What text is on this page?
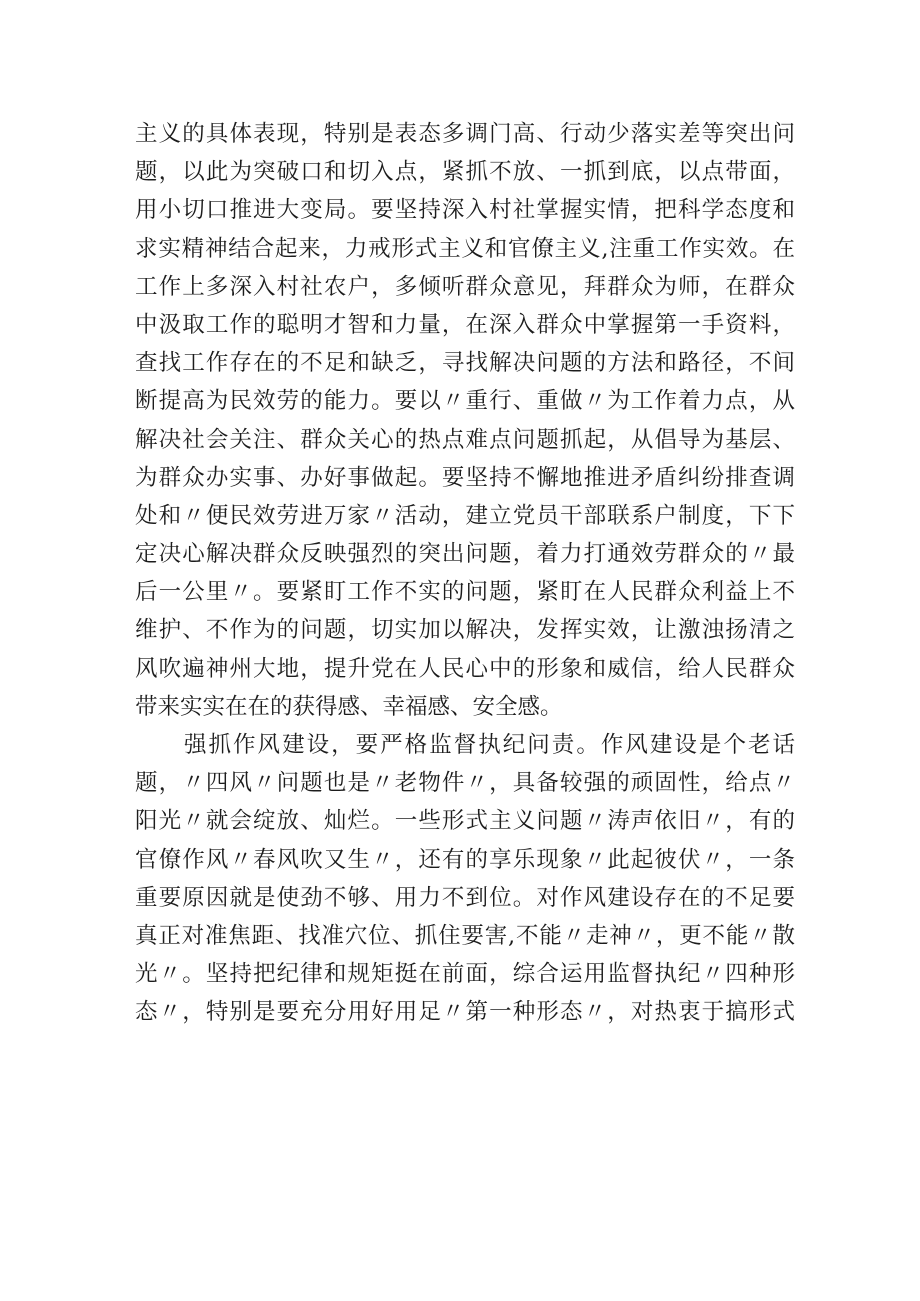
主义的具体表现，特别是表态多调门高、行动少落实差等突出问
题，以此为突破口和切入点，紧抓不放、一抓到底，以点带面，
用小切口推进大变局。要坚持深入村社掌握实情，把科学态度和
求实精神结合起来，力戒形式主义和官僚主义,注重工作实效。在
工作上多深入村社农户，多倾听群众意见，拜群众为师，在群众
中汲取工作的聪明才智和力量，在深入群众中掌握第一手资料，
查找工作存在的不足和缺乏，寻找解决问题的方法和路径，不间
断提高为民效劳的能力。要以〃重行、重做〃为工作着力点，从
解决社会关注、群众关心的热点难点问题抓起，从倡导为基层、
为群众办实事、办好事做起。要坚持不懈地推进矛盾纠纷排查调
处和〃便民效劳进万家〃活动，建立党员干部联系户制度，下下
定决心解决群众反映强烈的突出问题，着力打通效劳群众的〃最
后一公里〃。要紧盯工作不实的问题，紧盯在人民群众利益上不
维护、不作为的问题，切实加以解决，发挥实效，让激浊扬清之
风吹遍神州大地，提升党在人民心中的形象和威信，给人民群众
带来实实在在的获得感、幸福感、安全感。
强抓作风建设，要严格监督执纪问责。作风建设是个老话
题，〃四风〃问题也是〃老物件〃，具备较强的顽固性，给点〃
阳光〃就会绽放、灿烂。一些形式主义问题〃涛声依旧〃，有的
官僚作风〃春风吹又生〃，还有的享乐现象〃此起彼伏〃，一条
重要原因就是使劲不够、用力不到位。对作风建设存在的不足要
真正对准焦距、找准穴位、抓住要害,不能〃走神〃，更不能〃散
光〃。坚持把纪律和规矩挺在前面，综合运用监督执纪〃四种形
态〃，特别是要充分用好用足〃第一种形态〃，对热衷于搞形式
